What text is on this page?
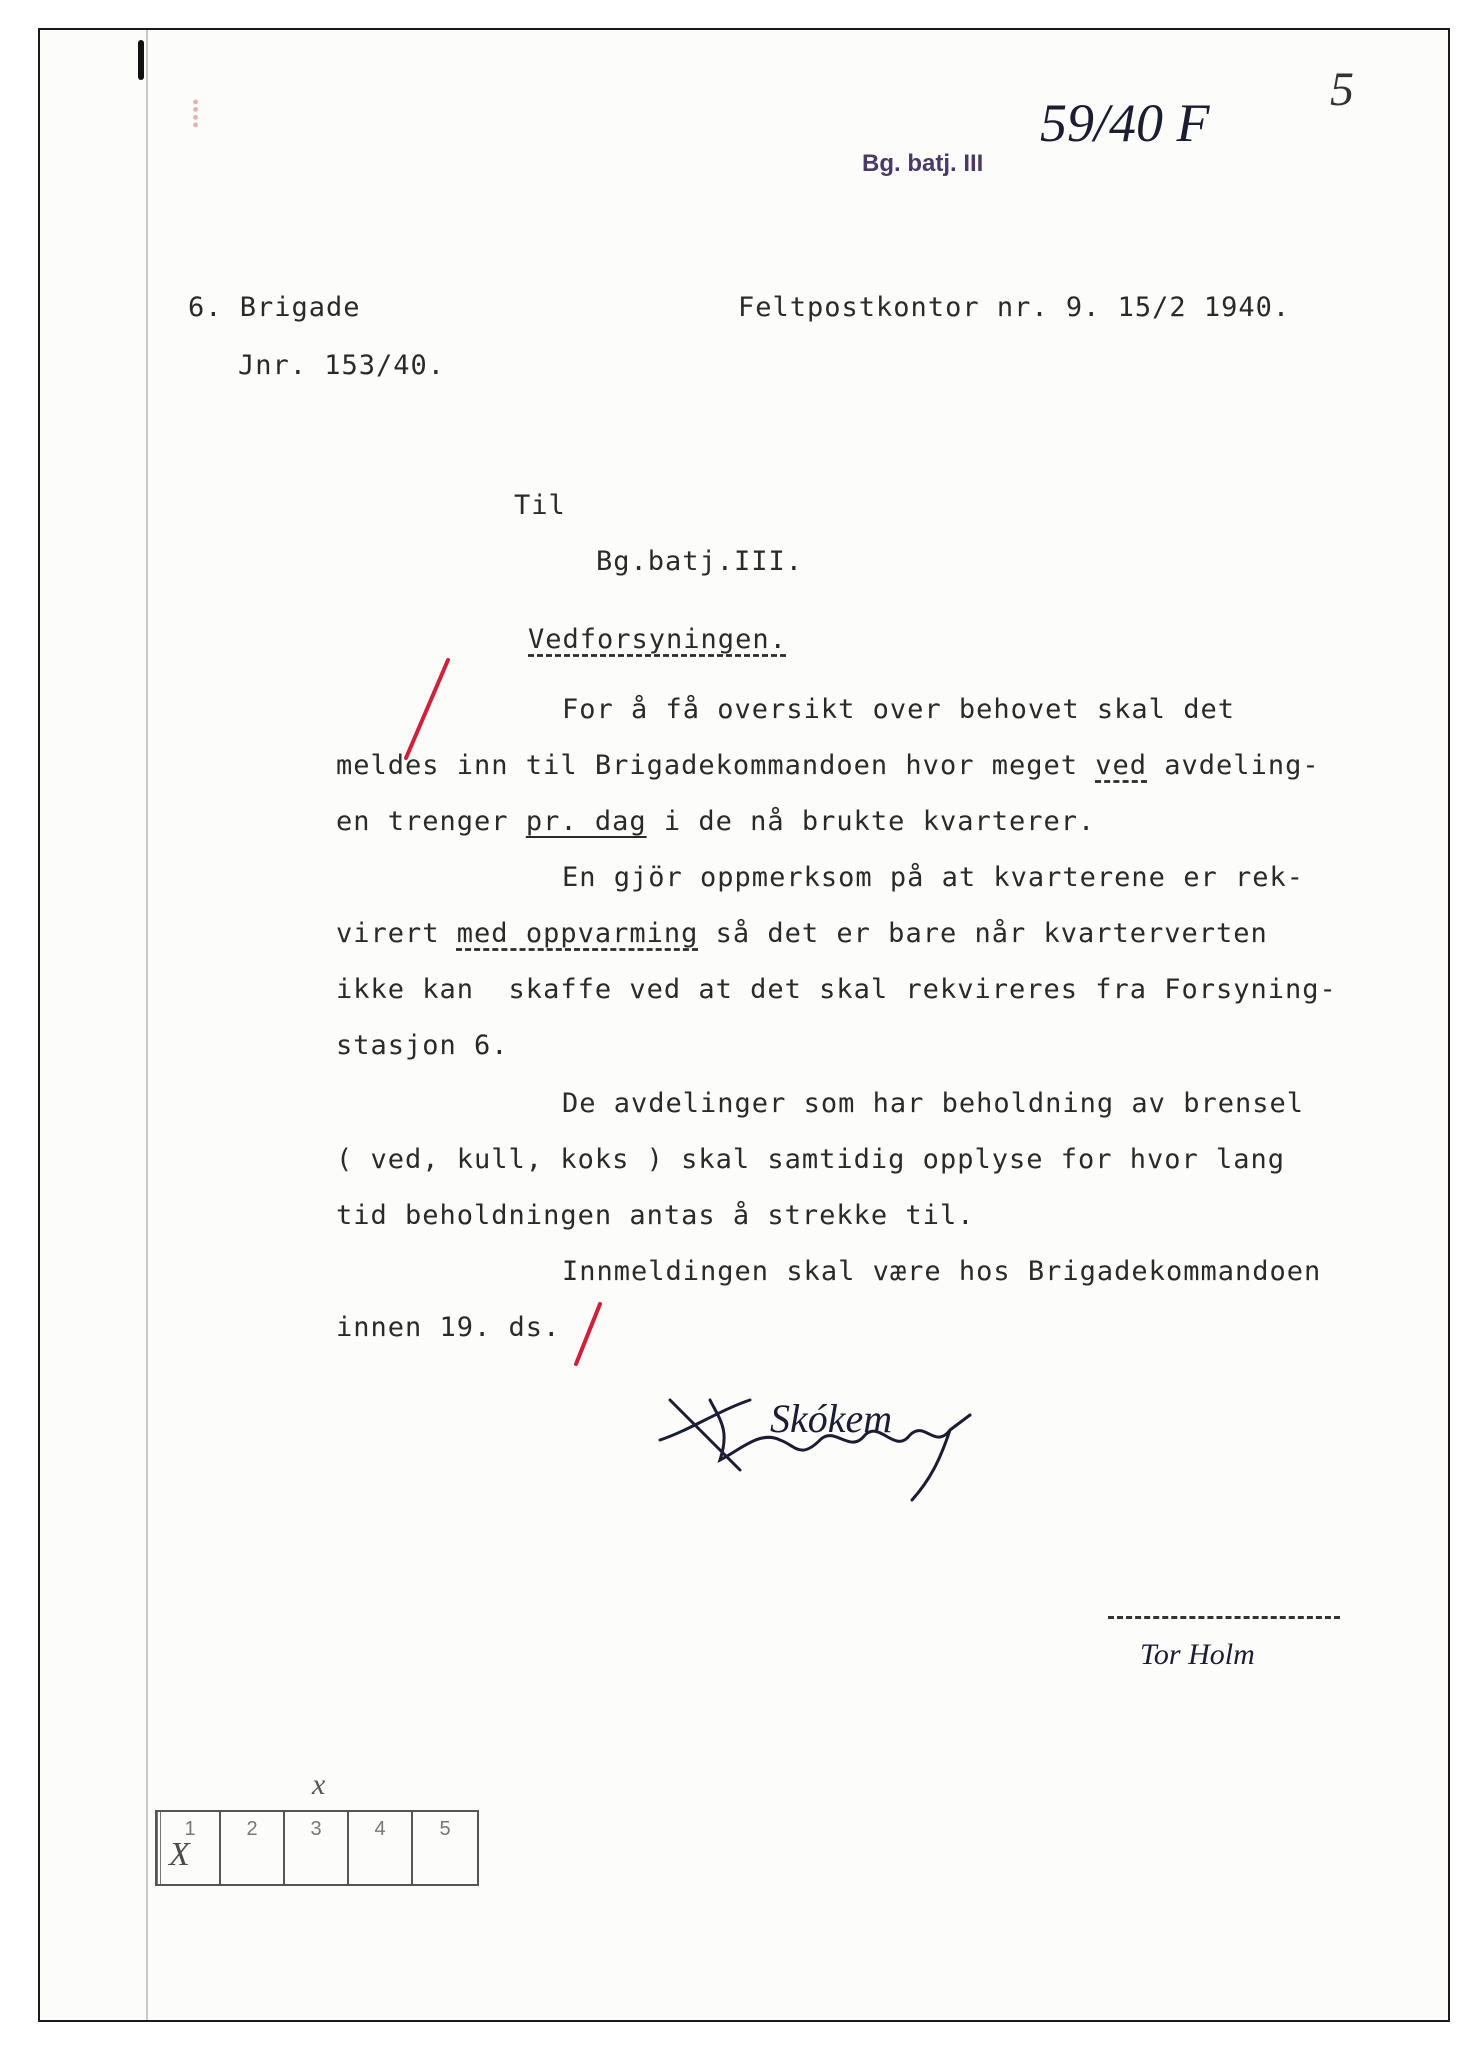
⁞	59/40 F
5
Bg. batj. III
6. Brigade	Feltpostkontor nr. 9. 15/2 1940.
Jnr. 153/40.
Til
Bg.batj.III.
Vedforsyningen.
For å få oversikt over behovet skal det
meldes inn til Brigadekommandoen hvor meget ved avdeling-
en trenger pr. dag i de nå brukte kvarterer.
En gjör oppmerksom på at kvarterene er rek-
virert med oppvarming så det er bare når kvarterverten
ikke kan  skaffe ved at det skal rekvireres fra Forsyning-
stasjon 6.
De avdelinger som har beholdning av brensel
( ved, kull, koks ) skal samtidig opplyse for hvor lang
tid beholdningen antas å strekke til.
Innmeldingen skal være hos Brigadekommandoen
innen 19. ds.
Skókem
Tor Holm
x
1
X
2	3	4	5
